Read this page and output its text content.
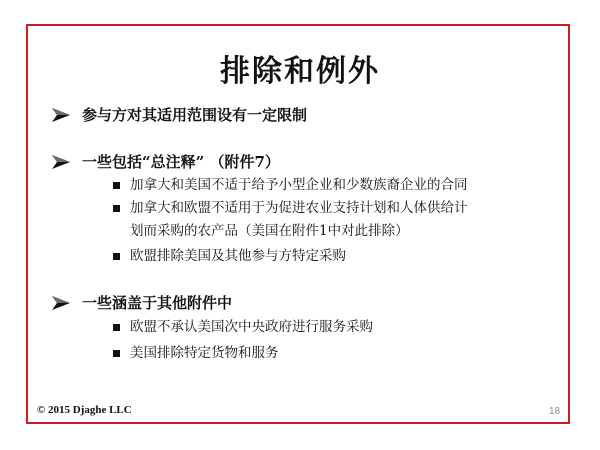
排除和例外
参与方对其适用范围设有一定限制
一些包括“总注释” （附件7）
加拿大和美国不适于给予小型企业和少数族裔企业的合同
加拿大和欧盟不适用于为促进农业支持计划和人体供给计
划而采购的农产品（美国在附件1中对此排除）
欧盟排除美国及其他参与方特定采购
一些涵盖于其他附件中
欧盟不承认美国次中央政府进行服务采购
美国排除特定货物和服务
© 2015 Djaghe LLC	18
